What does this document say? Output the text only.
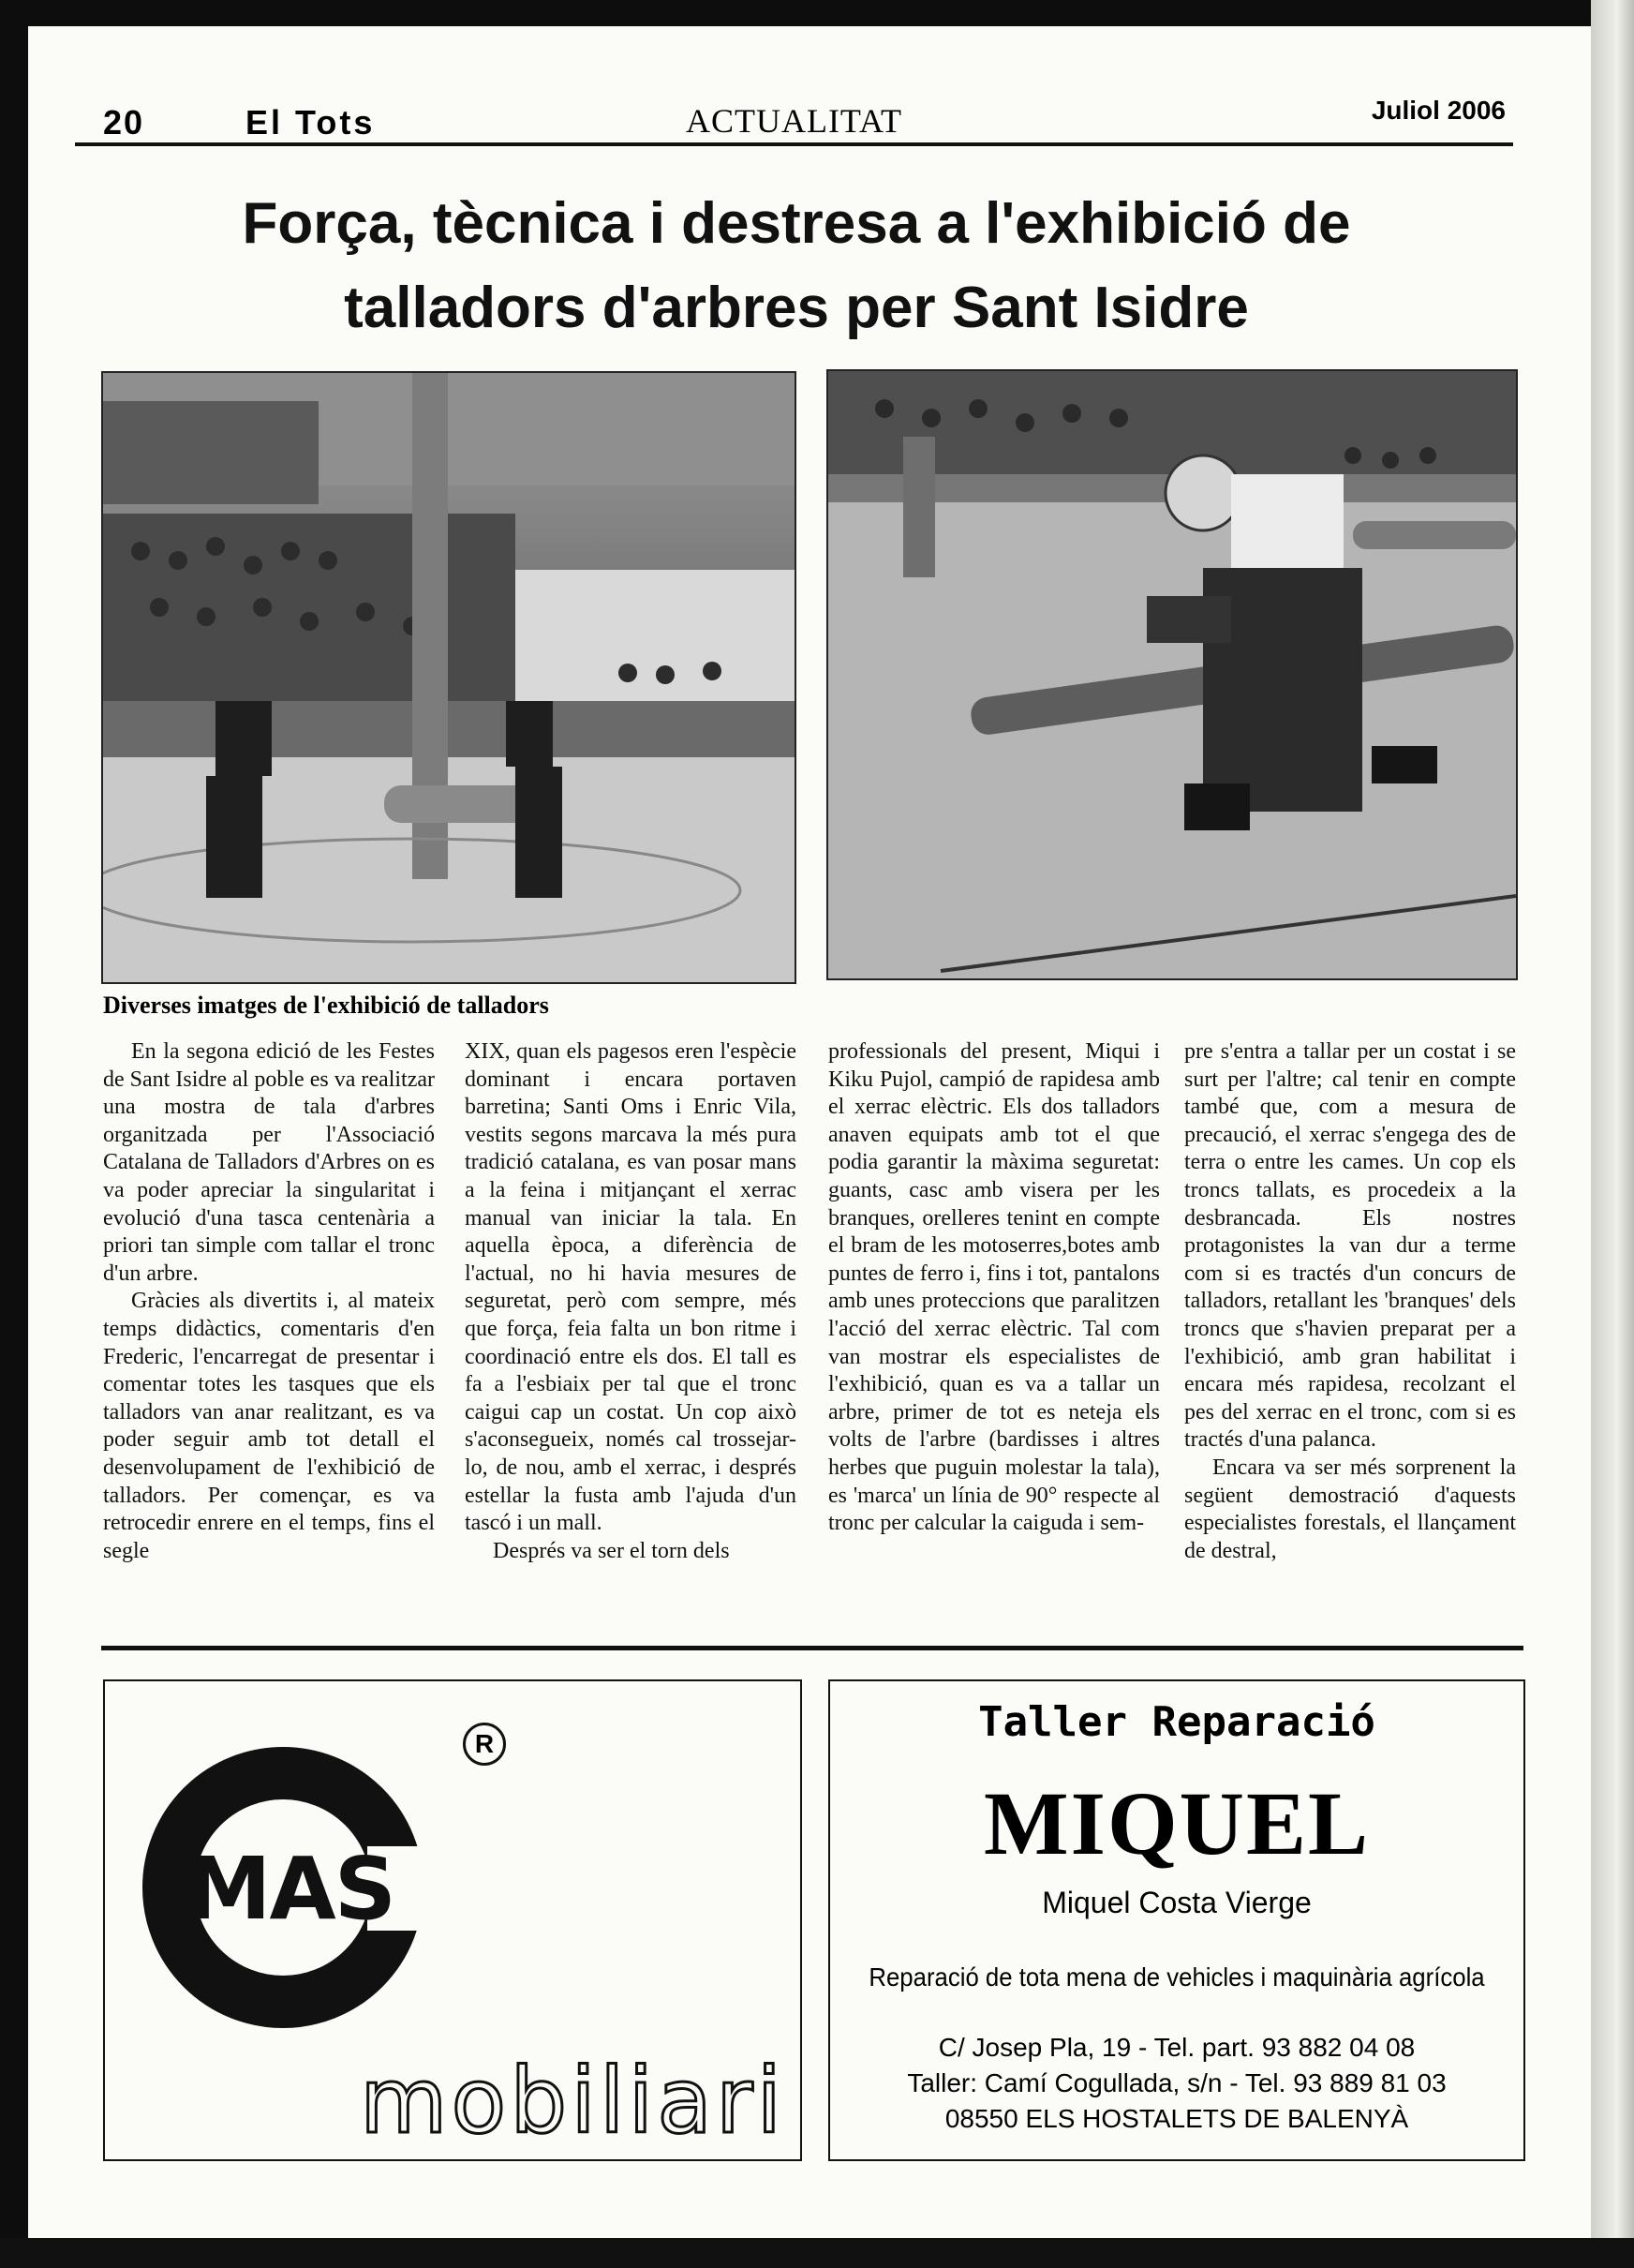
20	El Tots	ACTUALITAT	Juliol 2006
Força, tècnica i destresa a l'exhibició de
talladors d'arbres per Sant Isidre
Diverses imatges de l'exhibició de talladors

En la segona edició de les Festes de Sant Isidre al poble es va realitzar una mostra de tala d'arbres organitzada per l'Associació Catalana de Talladors d'Arbres on es va poder apreciar la singularitat i evolució d'una tasca centenària a priori tan simple com tallar el tronc d'un arbre.

Gràcies als divertits i, al mateix temps didàctics, comentaris d'en Frederic, l'encarregat de presentar i comentar totes les tasques que els talladors van anar realitzant, es va poder seguir amb tot detall el desenvolupament de l'exhibició de talladors. Per començar, es va retrocedir enrere en el temps, fins el segle

XIX, quan els pagesos eren l'espècie dominant i encara portaven barretina; Santi Oms i Enric Vila, vestits segons marcava la més pura tradició catalana, es van posar mans a la feina i mitjançant el xerrac manual van iniciar la tala. En aquella època, a diferència de l'actual, no hi havia mesures de seguretat, però com sempre, més que força, feia falta un bon ritme i coordinació entre els dos. El tall es fa a l'esbiaix per tal que el tronc caigui cap un costat. Un cop això s'aconsegueix, només cal trossejar-lo, de nou, amb el xerrac, i després estellar la fusta amb l'ajuda d'un tascó i un mall.

Després va ser el torn dels

professionals del present, Miqui i Kiku Pujol, campió de rapidesa amb el xerrac elèctric. Els dos talladors anaven equipats amb tot el que podia garantir la màxima seguretat: guants, casc amb visera per les branques, orelleres tenint en compte el bram de les motoserres,botes amb puntes de ferro i, fins i tot, pantalons amb unes proteccions que paralitzen l'acció del xerrac elèctric. Tal com van mostrar els especialistes de l'exhibició, quan es va a tallar un arbre, primer de tot es neteja els volts de l'arbre (bardisses i altres herbes que puguin molestar la tala), es 'marca' un línia de 90° respecte al tronc per calcular la caiguda i sem-

pre s'entra a tallar per un costat i se surt per l'altre; cal tenir en compte també que, com a mesura de precaució, el xerrac s'engega des de terra o entre les cames. Un cop els troncs tallats, es procedeix a la desbrancada. Els nostres protagonistes la van dur a terme com si es tractés d'un concurs de talladors, retallant les 'branques' dels troncs que s'havien preparat per a l'exhibició, amb gran habilitat i encara més rapidesa, recolzant el pes del xerrac en el tronc, com si es tractés d'una palanca.

Encara va ser més sorprenent la següent demostració d'aquests especialistes forestals, el llançament de destral,

MAS
R
mobiliari
Taller Reparació
MIQUEL
Miquel Costa Vierge
Reparació de tota mena de vehicles i maquinària agrícola
C/ Josep Pla, 19 - Tel. part. 93 882 04 08
Taller: Camí Cogullada, s/n - Tel. 93 889 81 03
08550 ELS HOSTALETS DE BALENYÀ
